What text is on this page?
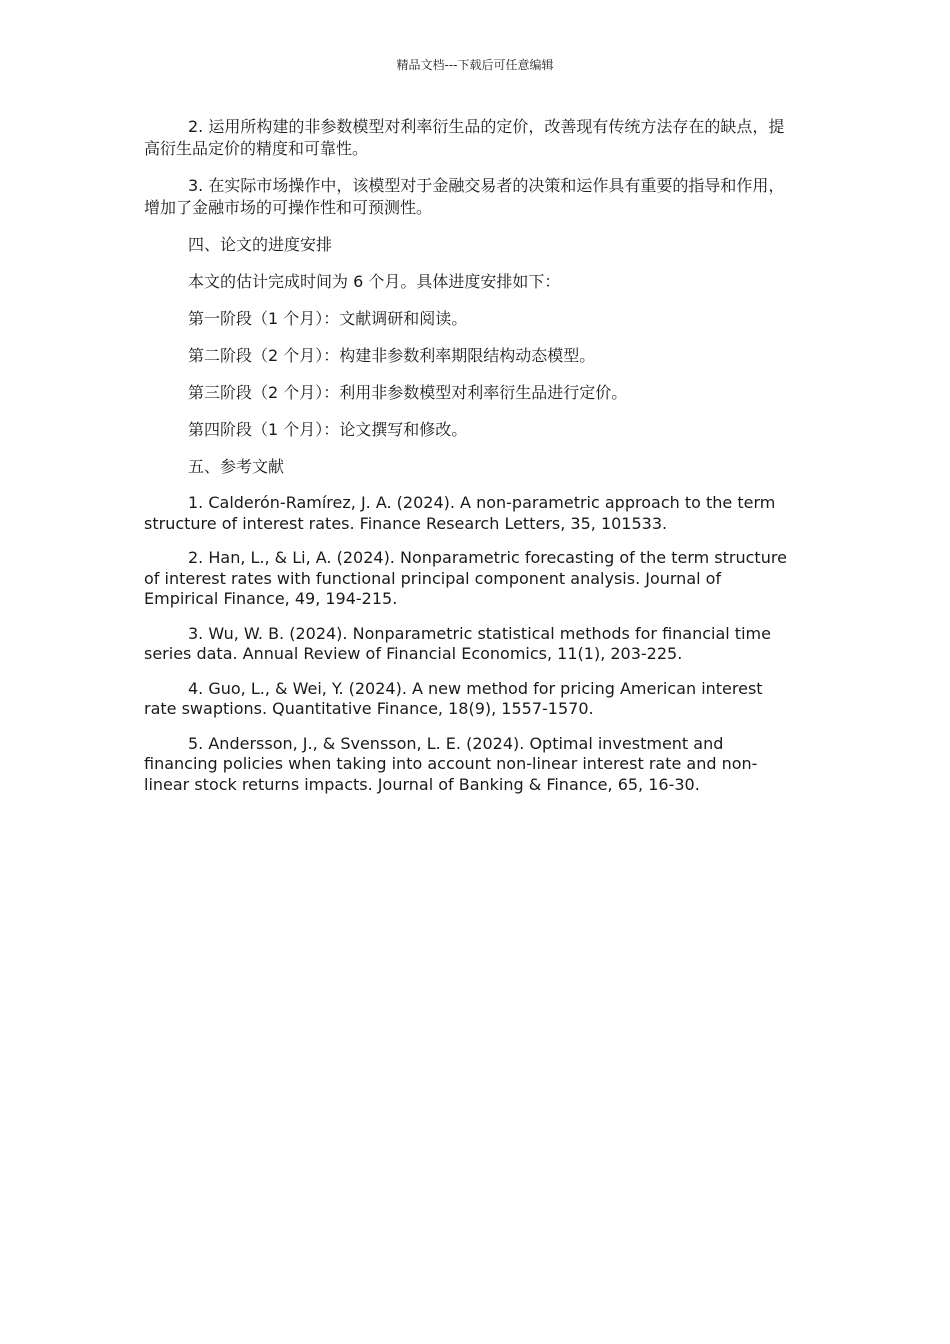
精品文档---下载后可任意编辑

2. 运用所构建的非参数模型对利率衍生品的定价，改善现有传统方法存在的缺点，提高衍生品定价的精度和可靠性。

3. 在实际市场操作中，该模型对于金融交易者的决策和运作具有重要的指导和作用，增加了金融市场的可操作性和可预测性。

四、论文的进度安排

本文的估计完成时间为 6 个月。具体进度安排如下：

第一阶段（1 个月）：文献调研和阅读。

第二阶段（2 个月）：构建非参数利率期限结构动态模型。

第三阶段（2 个月）：利用非参数模型对利率衍生品进行定价。

第四阶段（1 个月）：论文撰写和修改。

五、参考文献

1. Calderón-Ramírez, J. A. (2024). A non-parametric approach to the term structure of interest rates. Finance Research Letters, 35, 101533.

2. Han, L., & Li, A. (2024). Nonparametric forecasting of the term structure of interest rates with functional principal component analysis. Journal of Empirical Finance, 49, 194-215.

3. Wu, W. B. (2024). Nonparametric statistical methods for financial time series data. Annual Review of Financial Economics, 11(1), 203-225.

4. Guo, L., & Wei, Y. (2024). A new method for pricing American interest rate swaptions. Quantitative Finance, 18(9), 1557-1570.

5. Andersson, J., & Svensson, L. E. (2024). Optimal investment and financing policies when taking into account non-linear interest rate and non-linear stock returns impacts. Journal of Banking & Finance, 65, 16-30.
